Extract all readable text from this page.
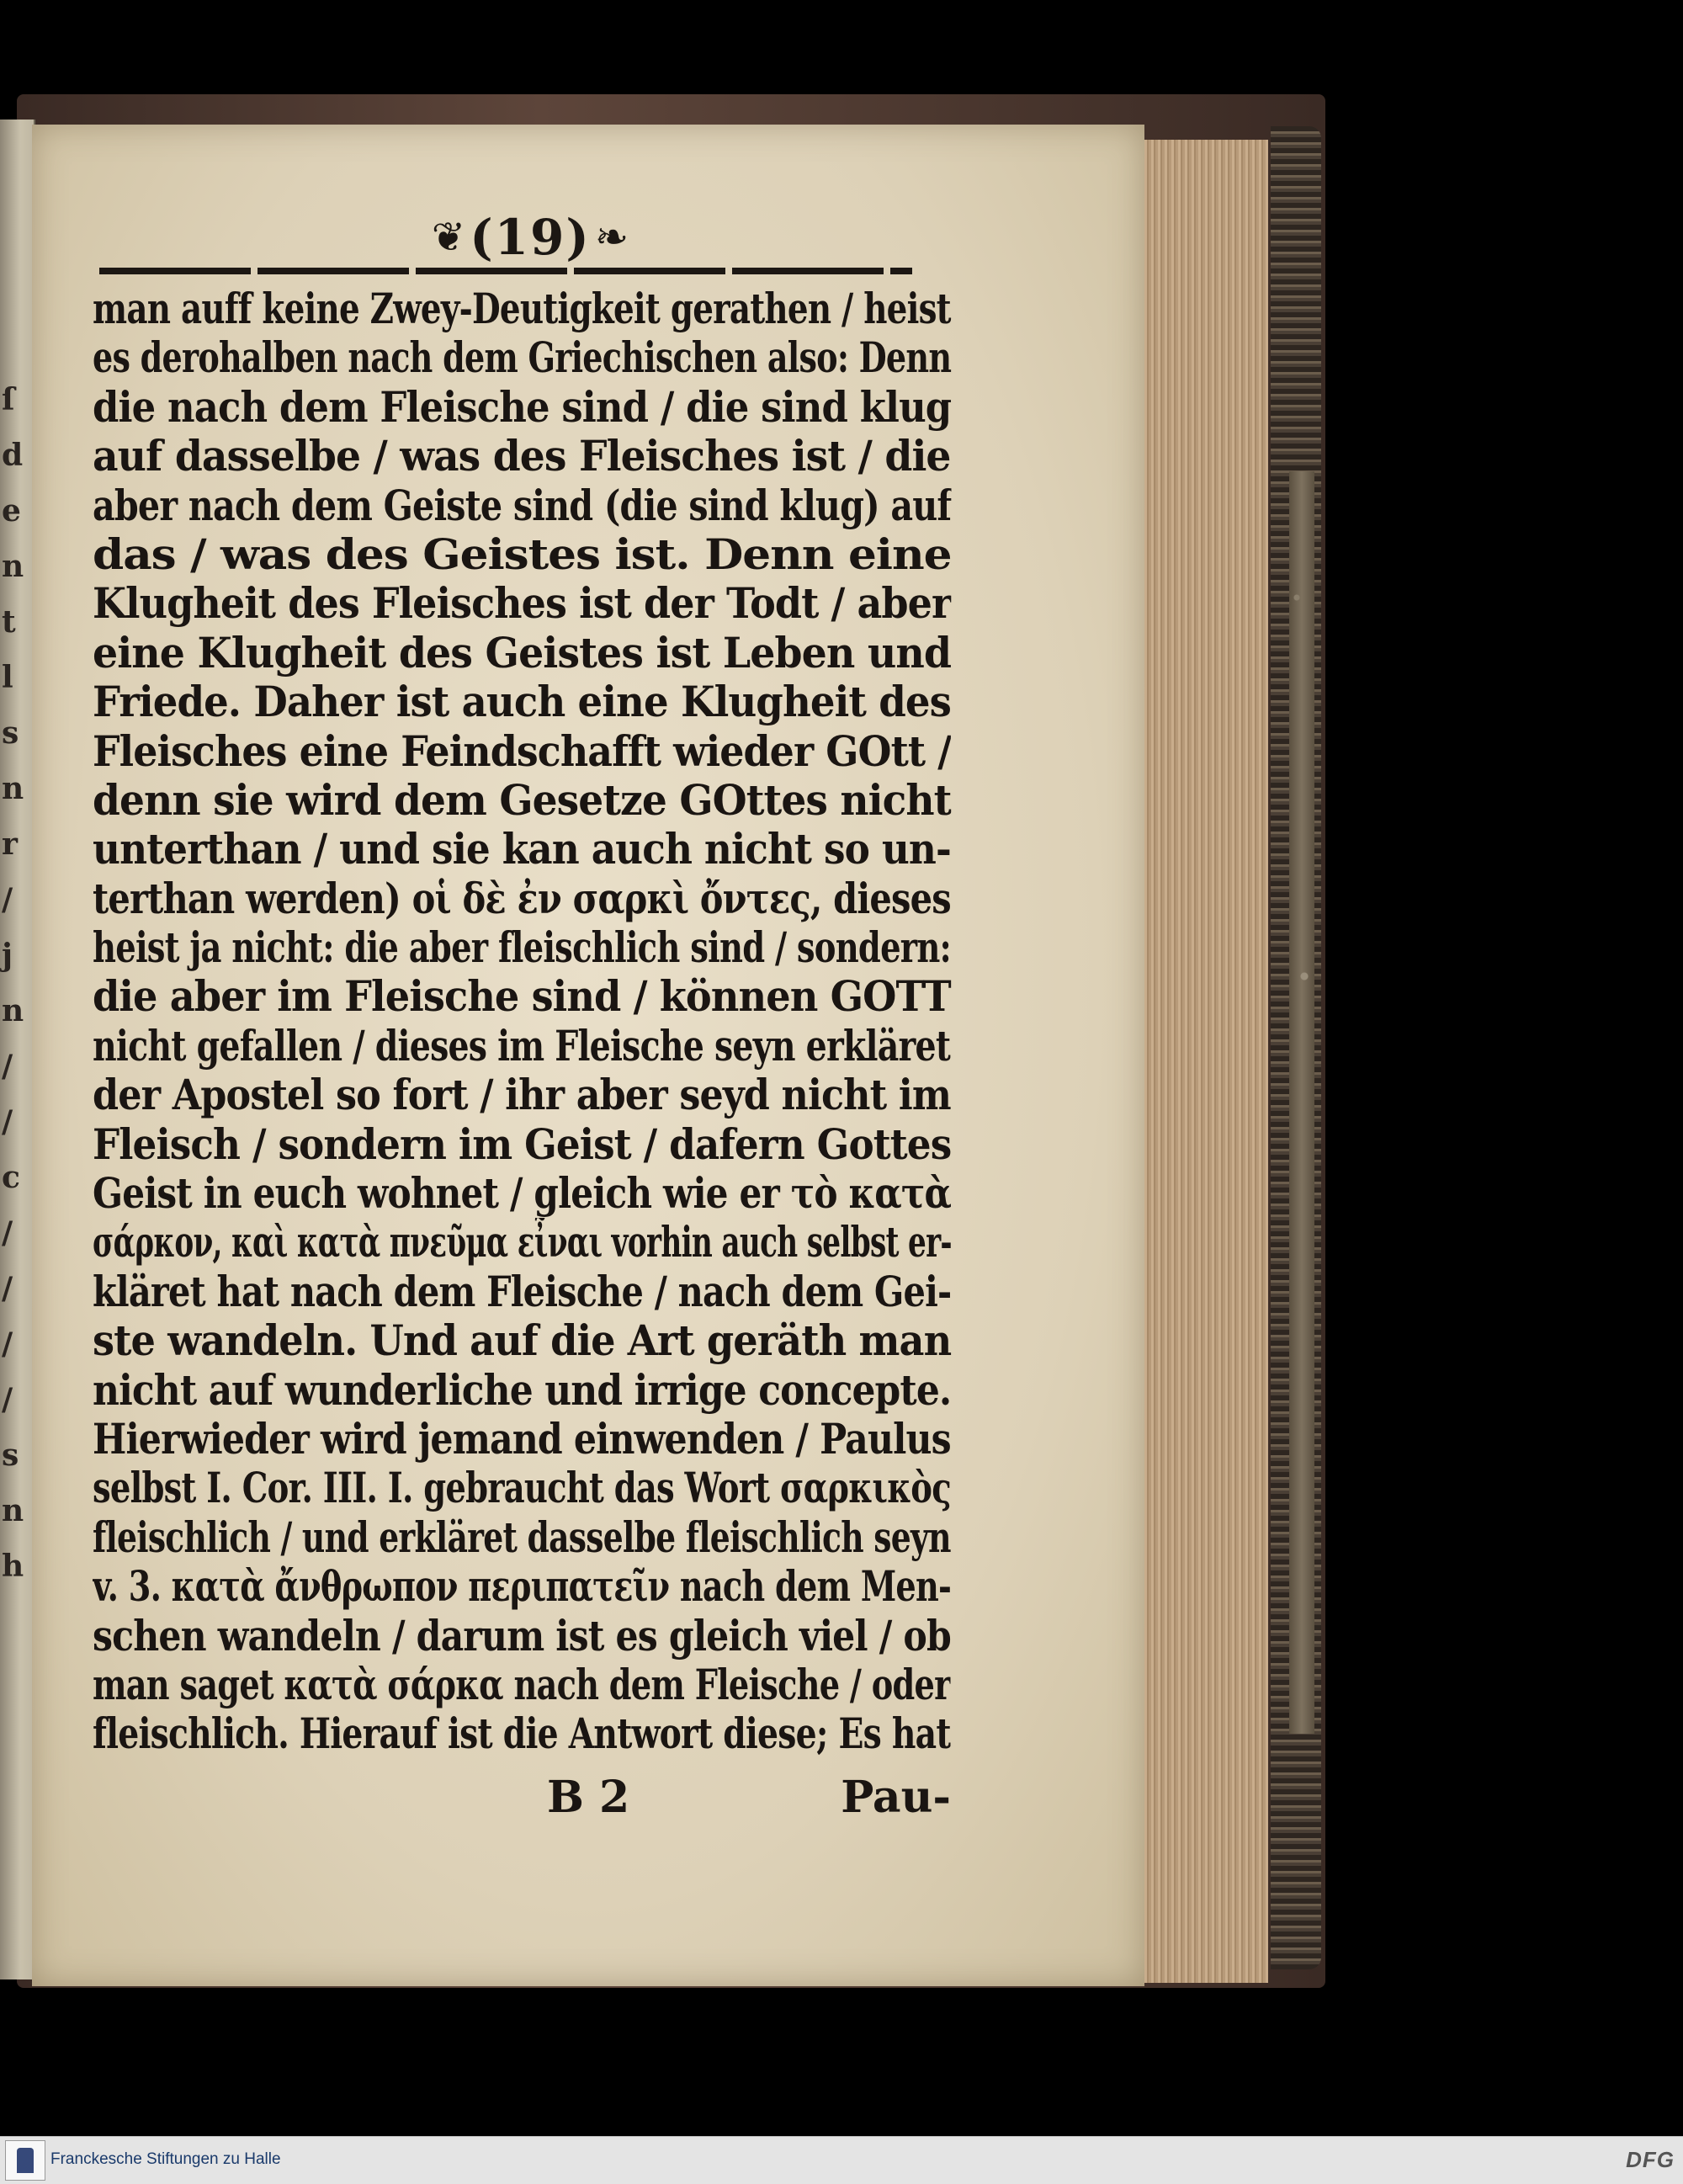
ſ
d
e
n
t
l
s
n
r
/
j
n
/
/
c
/
/
/
/
s
n
h
❦ (19) ❧
man auff keine Zwey-Deutigkeit gerathen / heist
es derohalben nach dem Griechischen also: Denn
die nach dem Fleische sind / die sind klug
auf dasselbe / was des Fleisches ist / die
aber nach dem Geiste sind (die sind klug) auf
das / was des Geistes ist. Denn eine
Klugheit des Fleisches ist der Todt / aber
eine Klugheit des Geistes ist Leben und
Friede. Daher ist auch eine Klugheit des
Fleisches eine Feindschafft wieder GOtt /
denn sie wird dem Gesetze GOttes nicht
unterthan / und sie kan auch nicht so un-
terthan werden) οἱ δὲ ἐν σαρκὶ ὄντες, dieses
heist ja nicht: die aber fleischlich sind / sondern:
die aber im Fleische sind / können GOTT
nicht gefallen / dieses im Fleische seyn erkläret
der Apostel so fort / ihr aber seyd nicht im
Fleisch / sondern im Geist / dafern Gottes
Geist in euch wohnet / gleich wie er τὸ κατὰ
σάρκον, καὶ κατὰ πνεῦμα εἶναι vorhin auch selbst er-
kläret hat nach dem Fleische / nach dem Gei-
ste wandeln. Und auf die Art geräth man
nicht auf wunderliche und irrige concepte.
Hierwieder wird jemand einwenden / Paulus
selbst I. Cor. III. I. gebraucht das Wort σαρκικὸς
fleischlich / und erkläret dasselbe fleischlich seyn
v. 3. κατὰ ἄνθρωπον περιπατεῖν nach dem Men-
schen wandeln / darum ist es gleich viel / ob
man saget κατὰ σάρκα nach dem Fleische / oder
fleischlich. Hierauf ist die Antwort diese; Es hat
B 2	Pau-
Franckesche Stiftungen zu Halle	DFG
